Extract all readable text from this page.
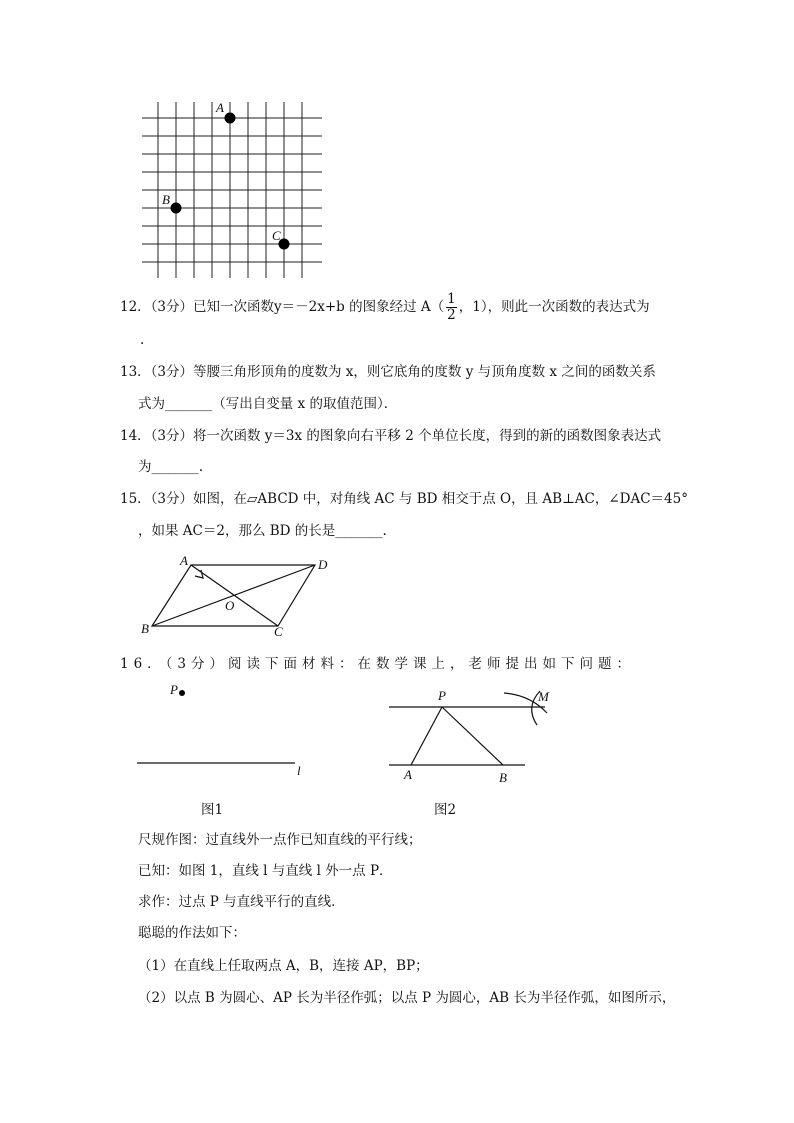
A
B
C
12．（3分）已知一次函数y＝－2x+b 的图象经过 $A( \frac{1}{2}$ ，1），则此一次函数的表达式为
.
13．（3分）等腰三角形顶角的度数为 x，则它底角的度数 y 与顶角度数 x 之间的函数关系
式为_______（写出自变量 x 的取值范围）．
14．（3分）将一次函数 y＝3x 的图象向右平移 2 个单位长度，得到的新的函数图象表达式
为_______.
15．（3分）如图，在▱ABCD 中，对角线 AC 与 BD 相交于点 O，且 AB⊥AC，∠DAC＝45°
，如果 AC＝2，那么 BD 的长是_______.
A	D
O
B	C
16．（3分）阅读下面材料：在数学课上，老师提出如下问题：
P
l
图1
P	M
A	B
图2
尺规作图：过直线外一点作已知直线的平行线；
已知：如图 1，直线 l 与直线 l 外一点 P．
求作：过点 P 与直线平行的直线．
聪聪的作法如下：
（1）在直线上任取两点 A，B，连接 AP，BP；
（2）以点 B 为圆心、AP 长为半径作弧；以点 P 为圆心，AB 长为半径作弧，如图所示，
